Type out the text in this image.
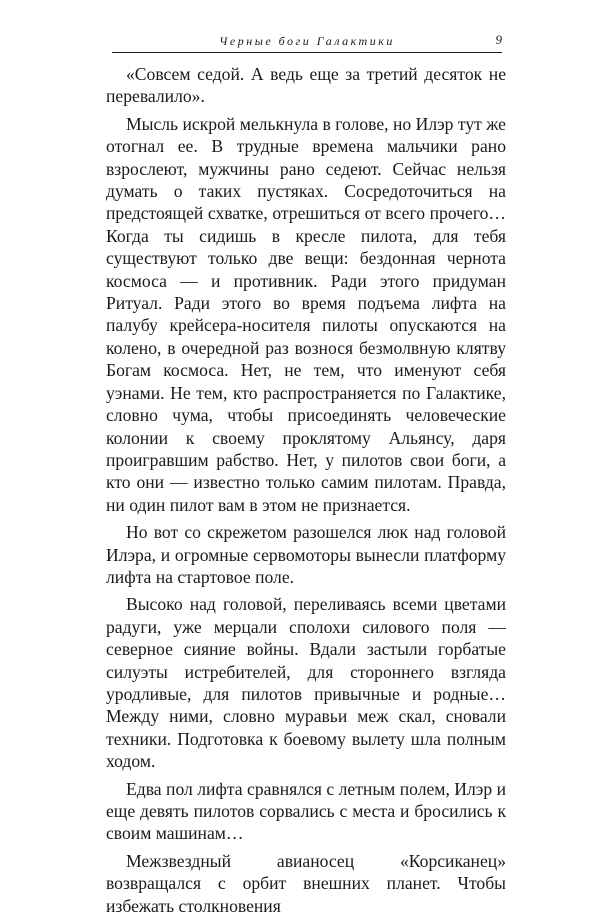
Черные боги Галактики	9

«Совсем седой. А ведь еще за третий десяток не перевалило».

Мысль искрой мелькнула в голове, но Илэр тут же отогнал ее. В трудные времена мальчики рано взрослеют, мужчины рано седеют. Сейчас нельзя думать о таких пустяках. Сосредоточиться на предстоящей схватке, отрешиться от всего прочего… Когда ты сидишь в кресле пилота, для тебя существуют только две вещи: бездонная чернота космоса — и противник. Ради этого придуман Ритуал. Ради этого во время подъема лифта на палубу крейсера-носителя пилоты опускаются на колено, в очередной раз вознося безмолвную клятву Богам космоса. Нет, не тем, что именуют себя уэнами. Не тем, кто распространяется по Галактике, словно чума, чтобы присоединять человеческие колонии к своему проклятому Альянсу, даря проигравшим рабство. Нет, у пилотов свои боги, а кто они — известно только самим пилотам. Правда, ни один пилот вам в этом не признается.

Но вот со скрежетом разошелся люк над головой Илэра, и огромные сервомоторы вынесли платформу лифта на стартовое поле.

Высоко над головой, переливаясь всеми цветами радуги, уже мерцали сполохи силового поля — северное сияние войны. Вдали застыли горбатые силуэты истребителей, для стороннего взгляда уродливые, для пилотов привычные и родные… Между ними, словно муравьи меж скал, сновали техники. Подготовка к боевому вылету шла полным ходом.

Едва пол лифта сравнялся с летным полем, Илэр и еще девять пилотов сорвались с места и бросились к своим машинам…

Межзвездный авианосец «Корсиканец» возвращался с орбит внешних планет. Чтобы избежать столкновения
